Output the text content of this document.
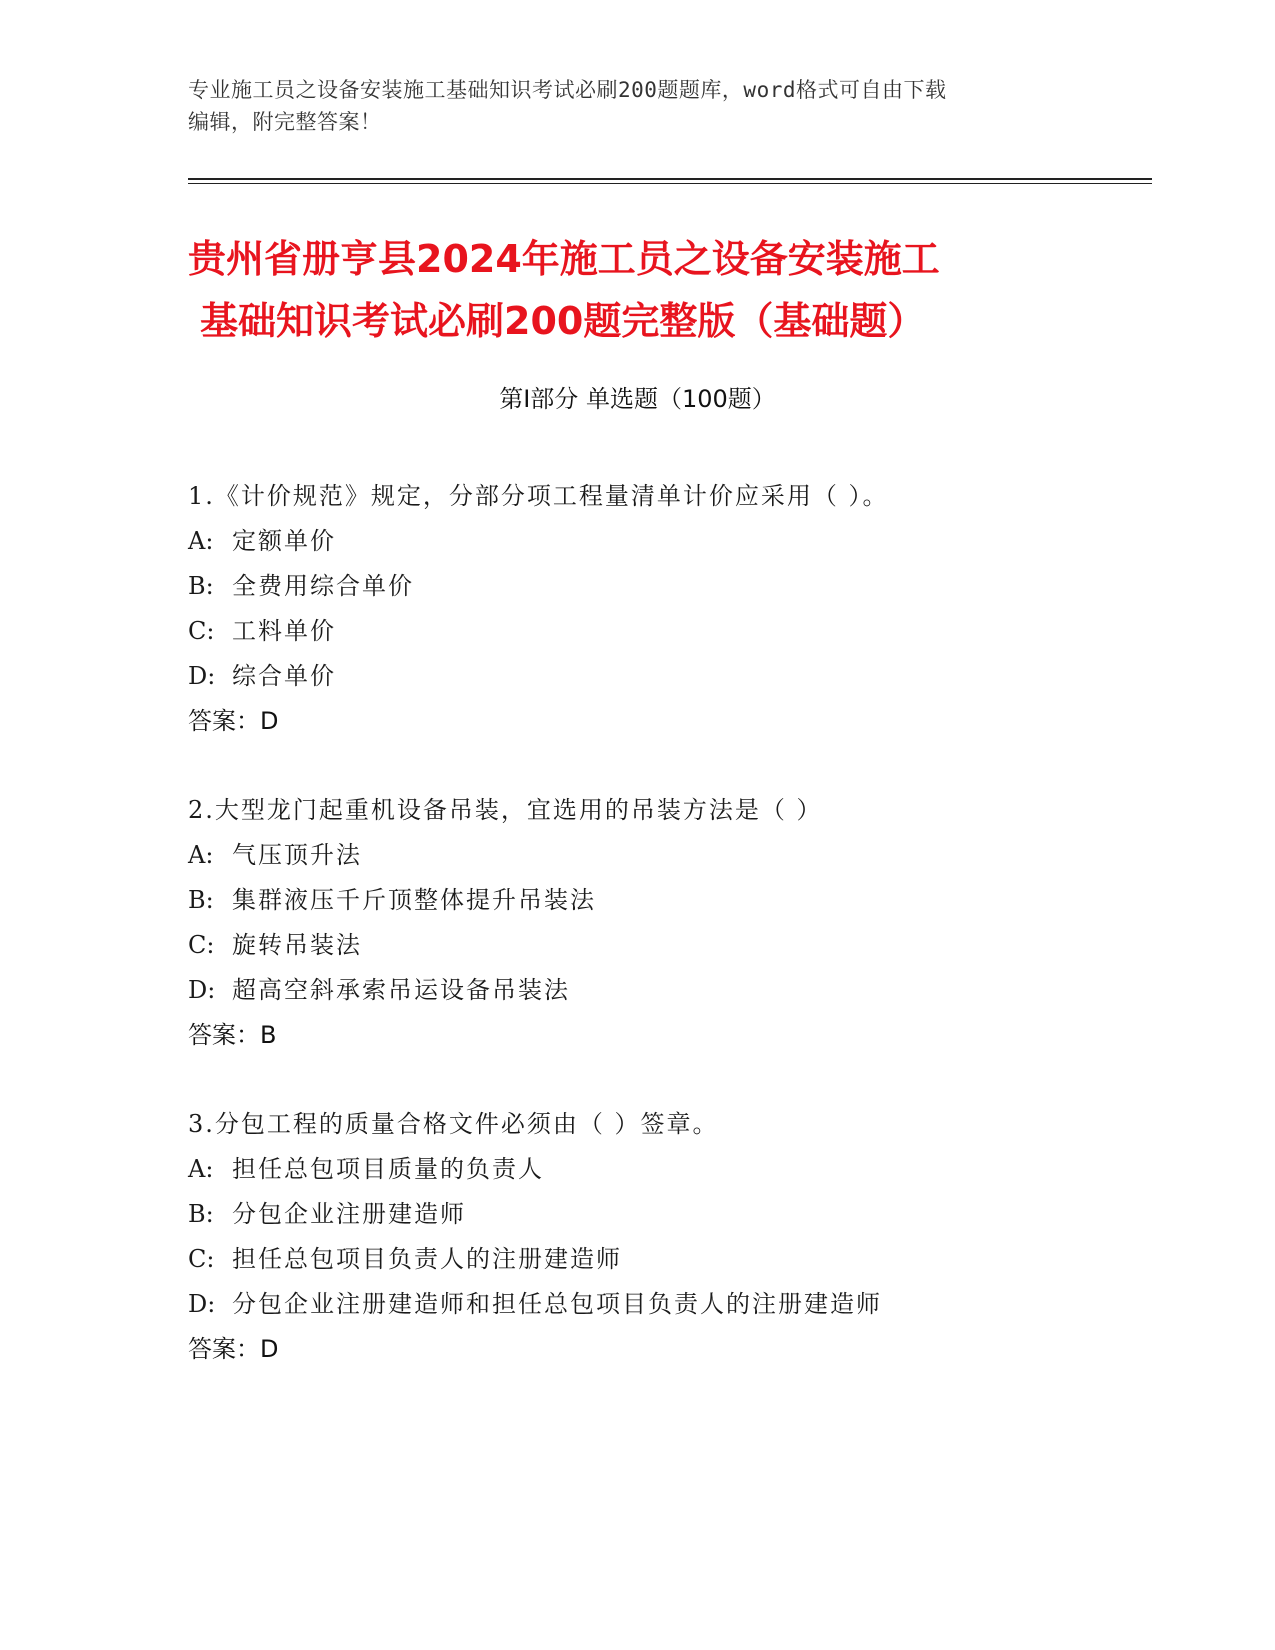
专业施工员之设备安装施工基础知识考试必刷200题题库，word格式可自由下载
编辑，附完整答案！
贵州省册亨县2024年施工员之设备安装施工
基础知识考试必刷200题完整版（基础题）
第I部分 单选题（100题）
1.《计价规范》规定，分部分项工程量清单计价应采用（ ）。
A: 定额单价
B: 全费用综合单价
C: 工料单价
D: 综合单价
答案：D
2.大型龙门起重机设备吊装，宜选用的吊装方法是（ ）
A: 气压顶升法
B: 集群液压千斤顶整体提升吊装法
C: 旋转吊装法
D: 超高空斜承索吊运设备吊装法
答案：B
3.分包工程的质量合格文件必须由（ ）签章。
A: 担任总包项目质量的负责人
B: 分包企业注册建造师
C: 担任总包项目负责人的注册建造师
D: 分包企业注册建造师和担任总包项目负责人的注册建造师
答案：D
